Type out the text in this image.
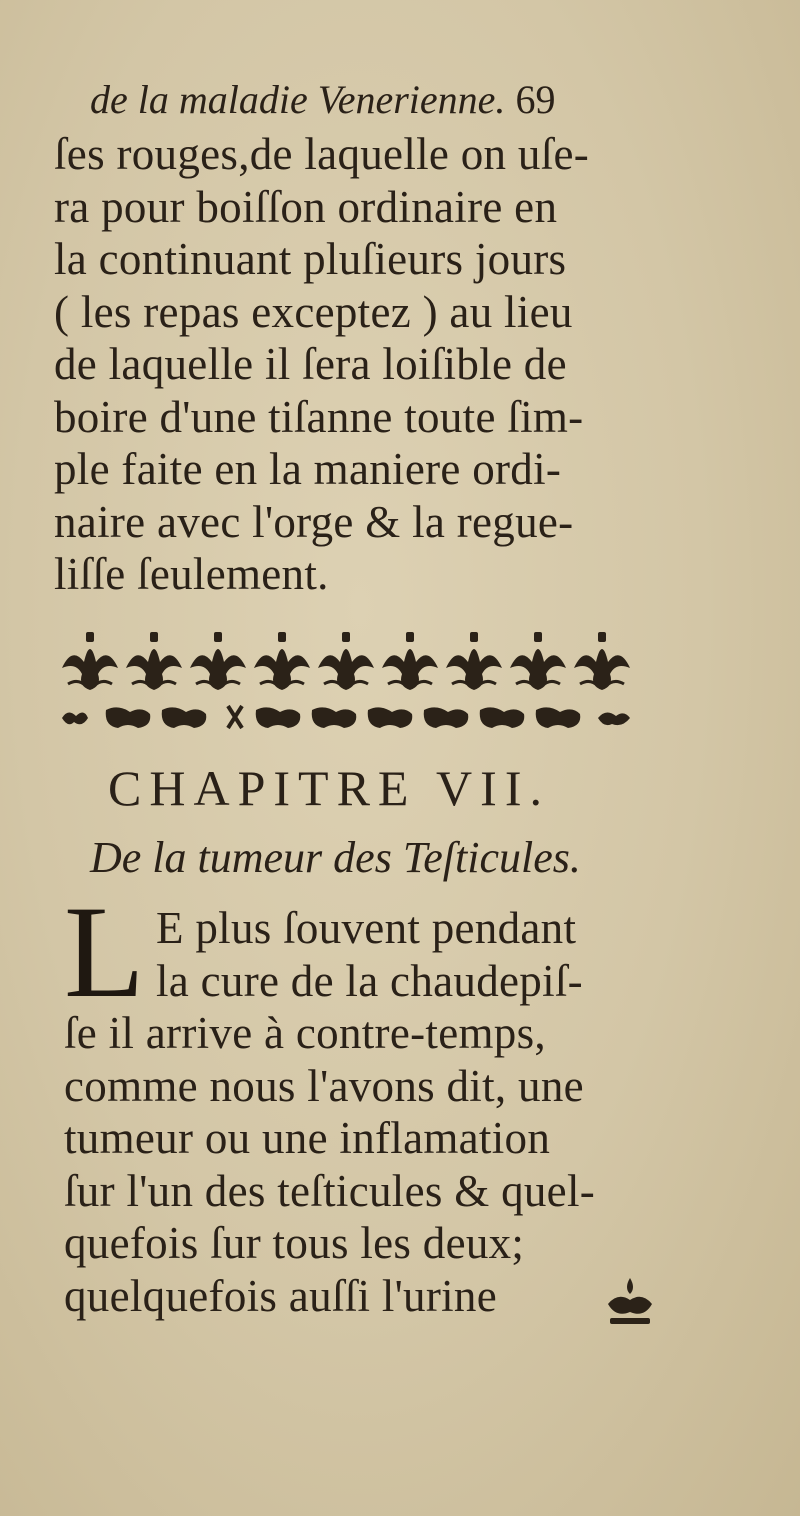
de la maladie Venerienne. 69
ſes rouges,de laquelle on uſe-
ra pour boiſſon ordinaire en
la continuant pluſieurs jours
( les repas exceptez ) au lieu
de laquelle il ſera loiſible de
boire d'une tiſanne toute ſim-
ple faite en la maniere ordi-
naire avec l'orge & la regue-
liſſe ſeulement.
CHAPITRE VII.
De la tumeur des Teſticules.
L E plus ſouvent pendant
la cure de la chaudepiſ-
ſe il arrive à contre-temps,
comme nous l'avons dit, une
tumeur ou une inflamation
ſur l'un des teſticules & quel-
quefois ſur tous les deux;
quelquefois auſſi l'urine
